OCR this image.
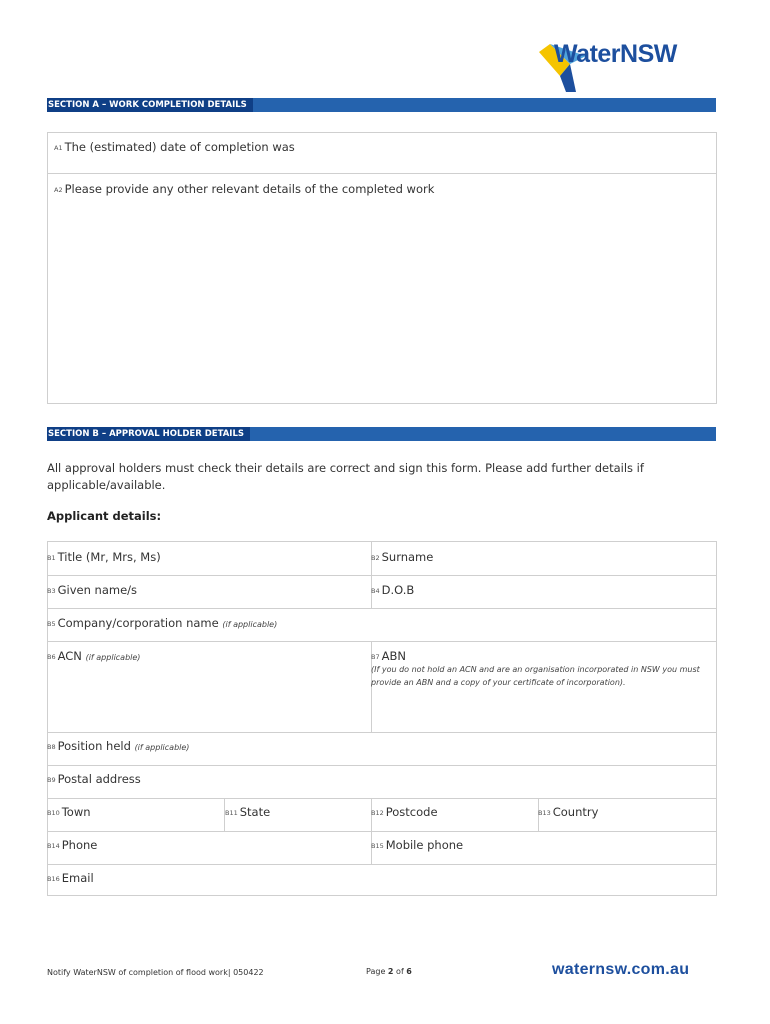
WaterNSW
SECTION A – WORK COMPLETION DETAILS
A1 The (estimated) date of completion was
A2 Please provide any other relevant details of the completed work
SECTION B – APPROVAL HOLDER DETAILS
All approval holders must check their details are correct and sign this form. Please add further details if applicable/available.
Applicant details:
B1 Title (Mr, Mrs, Ms)	B2 Surname
B3 Given name/s	B4 D.O.B
B5 Company/corporation name (if applicable)
B6 ACN (if applicable)	B7 ABN
(If you do not hold an ACN and are an organisation incorporated in NSW you must provide an ABN and a copy of your certificate of incorporation).
B8 Position held (if applicable)
B9 Postal address
B10 Town	B11 State	B12 Postcode	B13 Country
B14 Phone	B15 Mobile phone
B16 Email
Notify WaterNSW of completion of flood work| 050422	Page 2 of 6	waternsw.com.au
